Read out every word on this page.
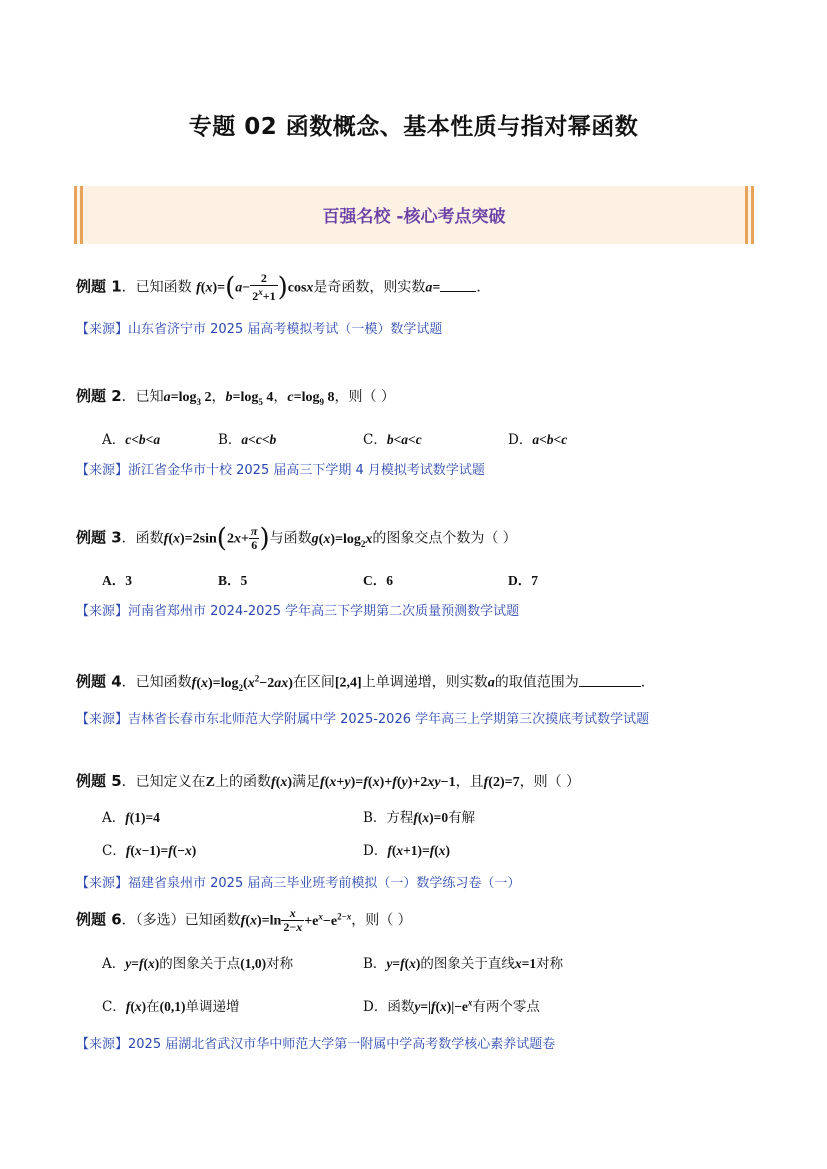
专题 02 函数概念、基本性质与指对幂函数
百强名校 -核心考点突破
例题 1．已知函数 $f(x)=(a- \frac{2}{2^x+1} )\cos x$是奇函数，则实数a=	．
【来源】山东省济宁市 2025 届高考模拟考试（一模）数学试题
例题 2．已知$a=\log_3$ 2，$b=\log_5$ 4，$c=\log_9$ 8，则（ ）
A．c<b<a	B．a<c<b	C．b<a<c	D．a<b<c
【来源】浙江省金华市十校 2025 届高三下学期 4 月模拟考试数学试题
例题 3．函数$f(x)=2\sin(2x+ \frac{\pi}{6}$ )与函数$g(x)=\log_2x$的图象交点个数为（ ）
A．3	B．5	C．6	D．7
【来源】河南省郑州市 2024-2025 学年高三下学期第二次质量预测数学试题
例题 4．已知函数$f(x)=\log_2(x^2-2ax)$在区间[2,4]上单调递增，则实数a的取值范围为	．
【来源】吉林省长春市东北师范大学附属中学 2025-2026 学年高三上学期第三次摸底考试数学试题
例题 5．已知定义在Z上的函数f(x)满足f(x+y)=f(x)+f(y)+2xy−1，且f(2)=7，则（ ）
A．f(1)=4	B．方程f(x)=0有解
C．f(x−1)=f(−x)	D．f(x+1)=f(x)
【来源】福建省泉州市 2025 届高三毕业班考前模拟（一）数学练习卷（一）
例题 6．（多选）已知函数$f(x)=\ln \frac{x}{2-x} +e^x-e^{2-x}$，则（ ）
A．y=f(x)的图象关于点(1,0)对称	B．y=f(x)的图象关于直线x=1对称
C．f(x)在(0,1)单调递增	D．函数$y=|f(x)|-e^x$有两个零点
【来源】2025 届湖北省武汉市华中师范大学第一附属中学高考数学核心素养试题卷
